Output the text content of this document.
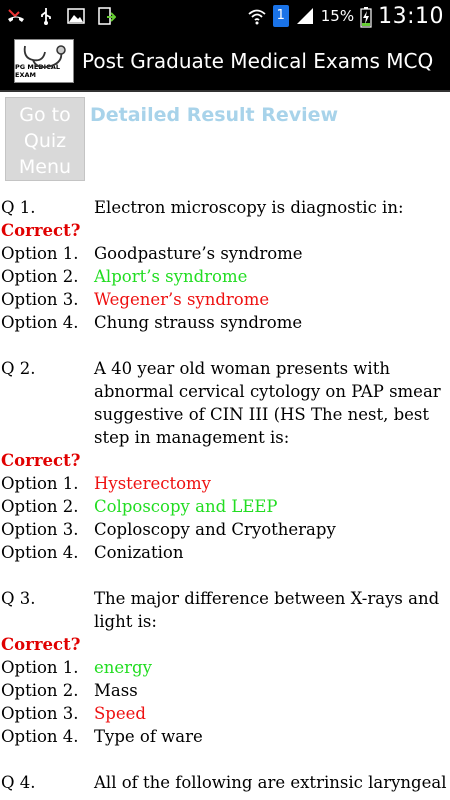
1 15% 13:10
PG MEDICAL EXAM
Post Graduate Medical Exams MCQ
Go to
Quiz
Menu
Detailed Result Review
Q 1.	Electron microscopy is diagnostic in:
Correct?
Option 1. Goodpasture’s syndrome
Option 2. Alport’s syndrome
Option 3. Wegener’s syndrome
Option 4. Chung strauss syndrome
Q 2.	A 40 year old woman presents with abnormal cervical cytology on PAP smear suggestive of CIN III (HS The nest, best step in management is:
Correct?
Option 1. Hysterectomy
Option 2. Colposcopy and LEEP
Option 3. Coploscopy and Cryotherapy
Option 4. Conization
Q 3.	The major difference between X-rays and light is:
Correct?
Option 1. energy
Option 2. Mass
Option 3. Speed
Option 4. Type of ware
Q 4.	All of the following are extrinsic laryngeal
